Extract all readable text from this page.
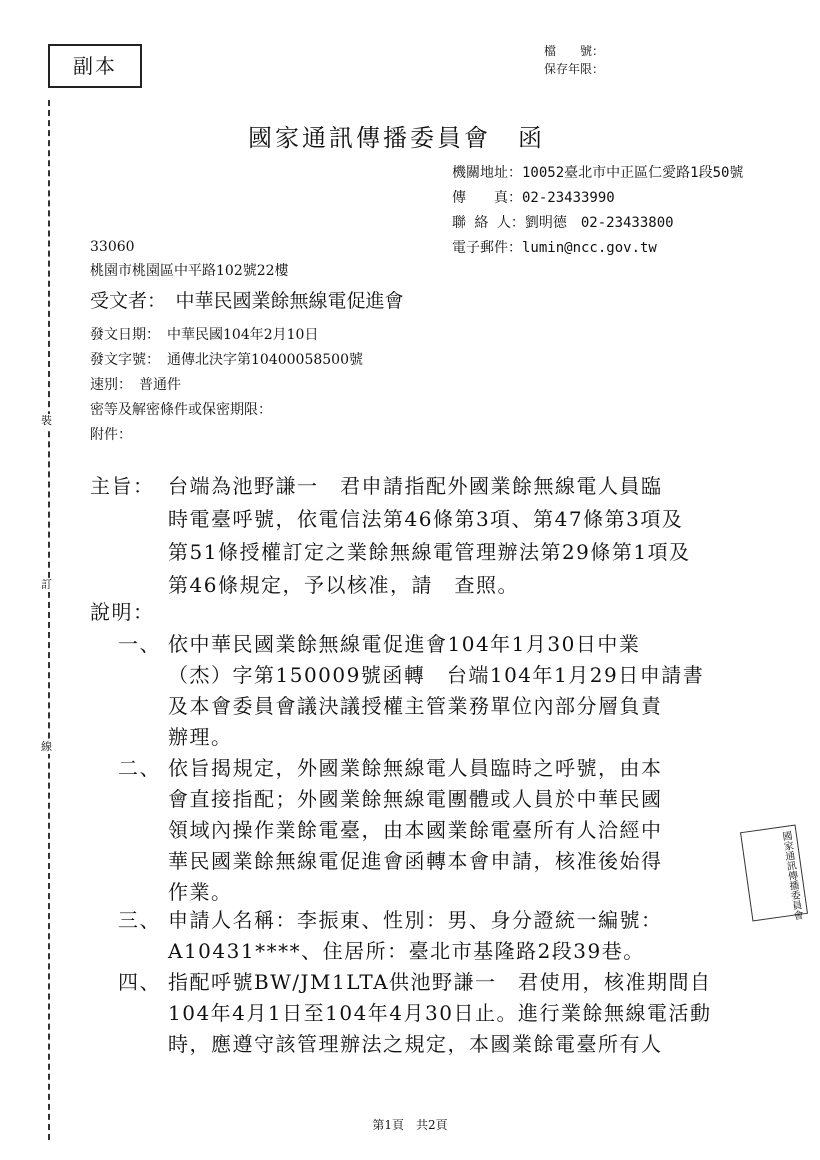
副本
檔　　號：
保存年限：
裝
訂
線
國家通訊傳播委員會　函
機關地址：10052臺北市中正區仁愛路1段50號
傳　　真：02-23433990
聯 絡 人：劉明德　02-23433800
電子郵件：lumin@ncc.gov.tw
33060
桃園市桃園區中平路102號22樓
受文者：　中華民國業餘無線電促進會
發文日期：　中華民國104年2月10日
發文字號：　通傳北決字第10400058500號
速別：　普通件
密等及解密條件或保密期限：
附件：
主旨： 台端為池野謙一　君申請指配外國業餘無線電人員臨
時電臺呼號，依電信法第46條第3項、第47條第3項及
第51條授權訂定之業餘無線電管理辦法第29條第1項及
第46條規定，予以核准，請　查照。
說明：
一、 依中華民國業餘無線電促進會104年1月30日中業
（杰）字第150009號函轉　台端104年1月29日申請書
及本會委員會議決議授權主管業務單位內部分層負責
辦理。
二、 依旨揭規定，外國業餘無線電人員臨時之呼號，由本
會直接指配；外國業餘無線電團體或人員於中華民國
領域內操作業餘電臺，由本國業餘電臺所有人洽經中
華民國業餘無線電促進會函轉本會申請，核准後始得
作業。
三、 申請人名稱：李振東、性別：男、身分證統一編號：
A10431****、住居所：臺北市基隆路2段39巷。
四、 指配呼號BW/JM1LTA供池野謙一　君使用，核准期間自
104年4月1日至104年4月30日止。進行業餘無線電活動
時，應遵守該管理辦法之規定，本國業餘電臺所有人
國家通訊傳播委員會
第1頁　共2頁
